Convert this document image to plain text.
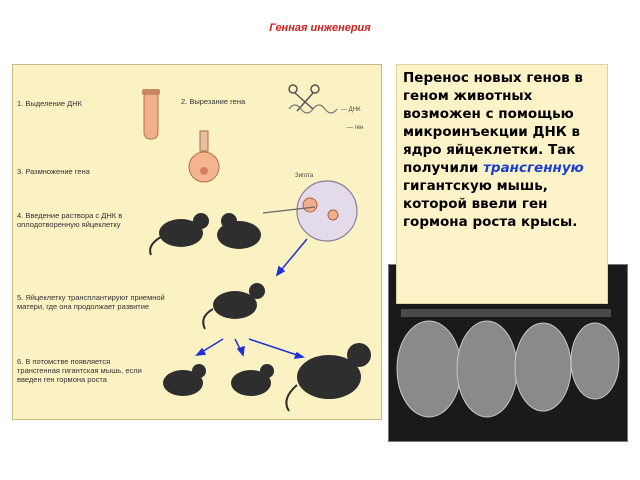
Генная инженерия
— ДНК
— ген
Зигота
1. Выделение ДНК	2. Вырезание гена
3. Размножение гена
4. Введение раствора с ДНК в оплодотворенную яйцеклетку
5. Яйцеклетку трансплантируют приемной матери, где она продолжает развитие
6. В потомстве появляется трансгенная гигантская мышь, если введен ген гормона роста
Перенос новых генов в геном животных возможен с помощью микроинъекции ДНК в ядро яйцеклетки. Так получили трансгенную гигантскую мышь, которой ввели ген гормона роста крысы.
